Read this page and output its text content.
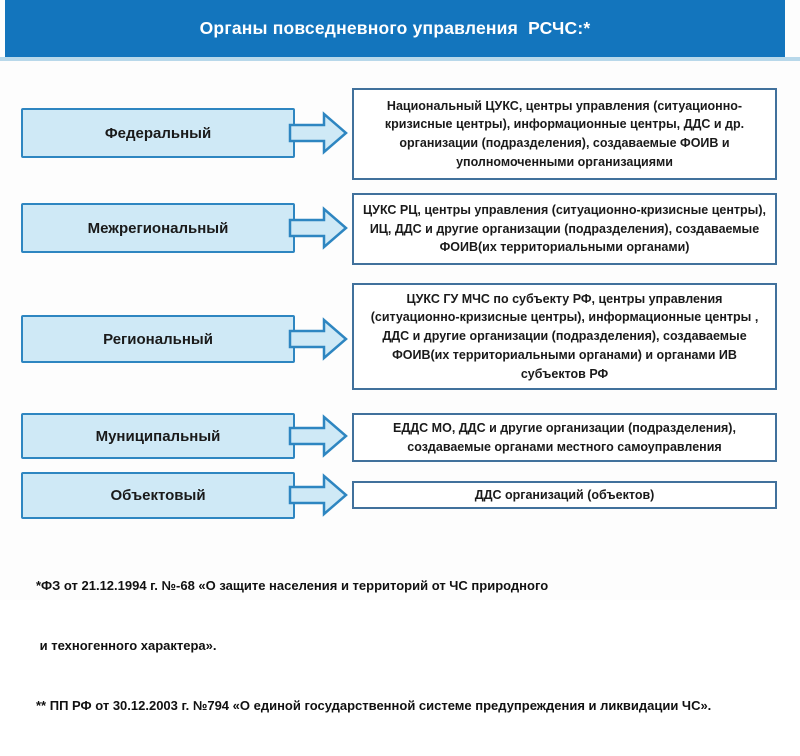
Органы повседневного управления  РСЧС:*
Федеральный
Национальный ЦУКС, центры управления (ситуационно-кризисные центры), информационные центры, ДДС и др. организации (подразделения), создаваемые ФОИВ и уполномоченными организациями
Межрегиональный
ЦУКС РЦ, центры управления (ситуационно-кризисные центры), ИЦ, ДДС и другие организации (подразделения), создаваемые ФОИВ(их территориальными органами)
Региональный
ЦУКС ГУ МЧС по субъекту РФ, центры управления (ситуационно-кризисные центры), информационные центры , ДДС и другие организации (подразделения), создаваемые ФОИВ(их территориальными органами) и органами ИВ субъектов РФ
Муниципальный	ЕДДС МО, ДДС и другие организации (подразделения), создаваемые органами местного самоуправления
Объектовый	ДДС организаций (объектов)

*ФЗ от 21.12.1994 г. №-68 «О защите населения и территорий от ЧС природного

и техногенного характера».

** ПП РФ от 30.12.2003 г. №794 «О единой государственной системе предупреждения и ликвидации ЧС».
